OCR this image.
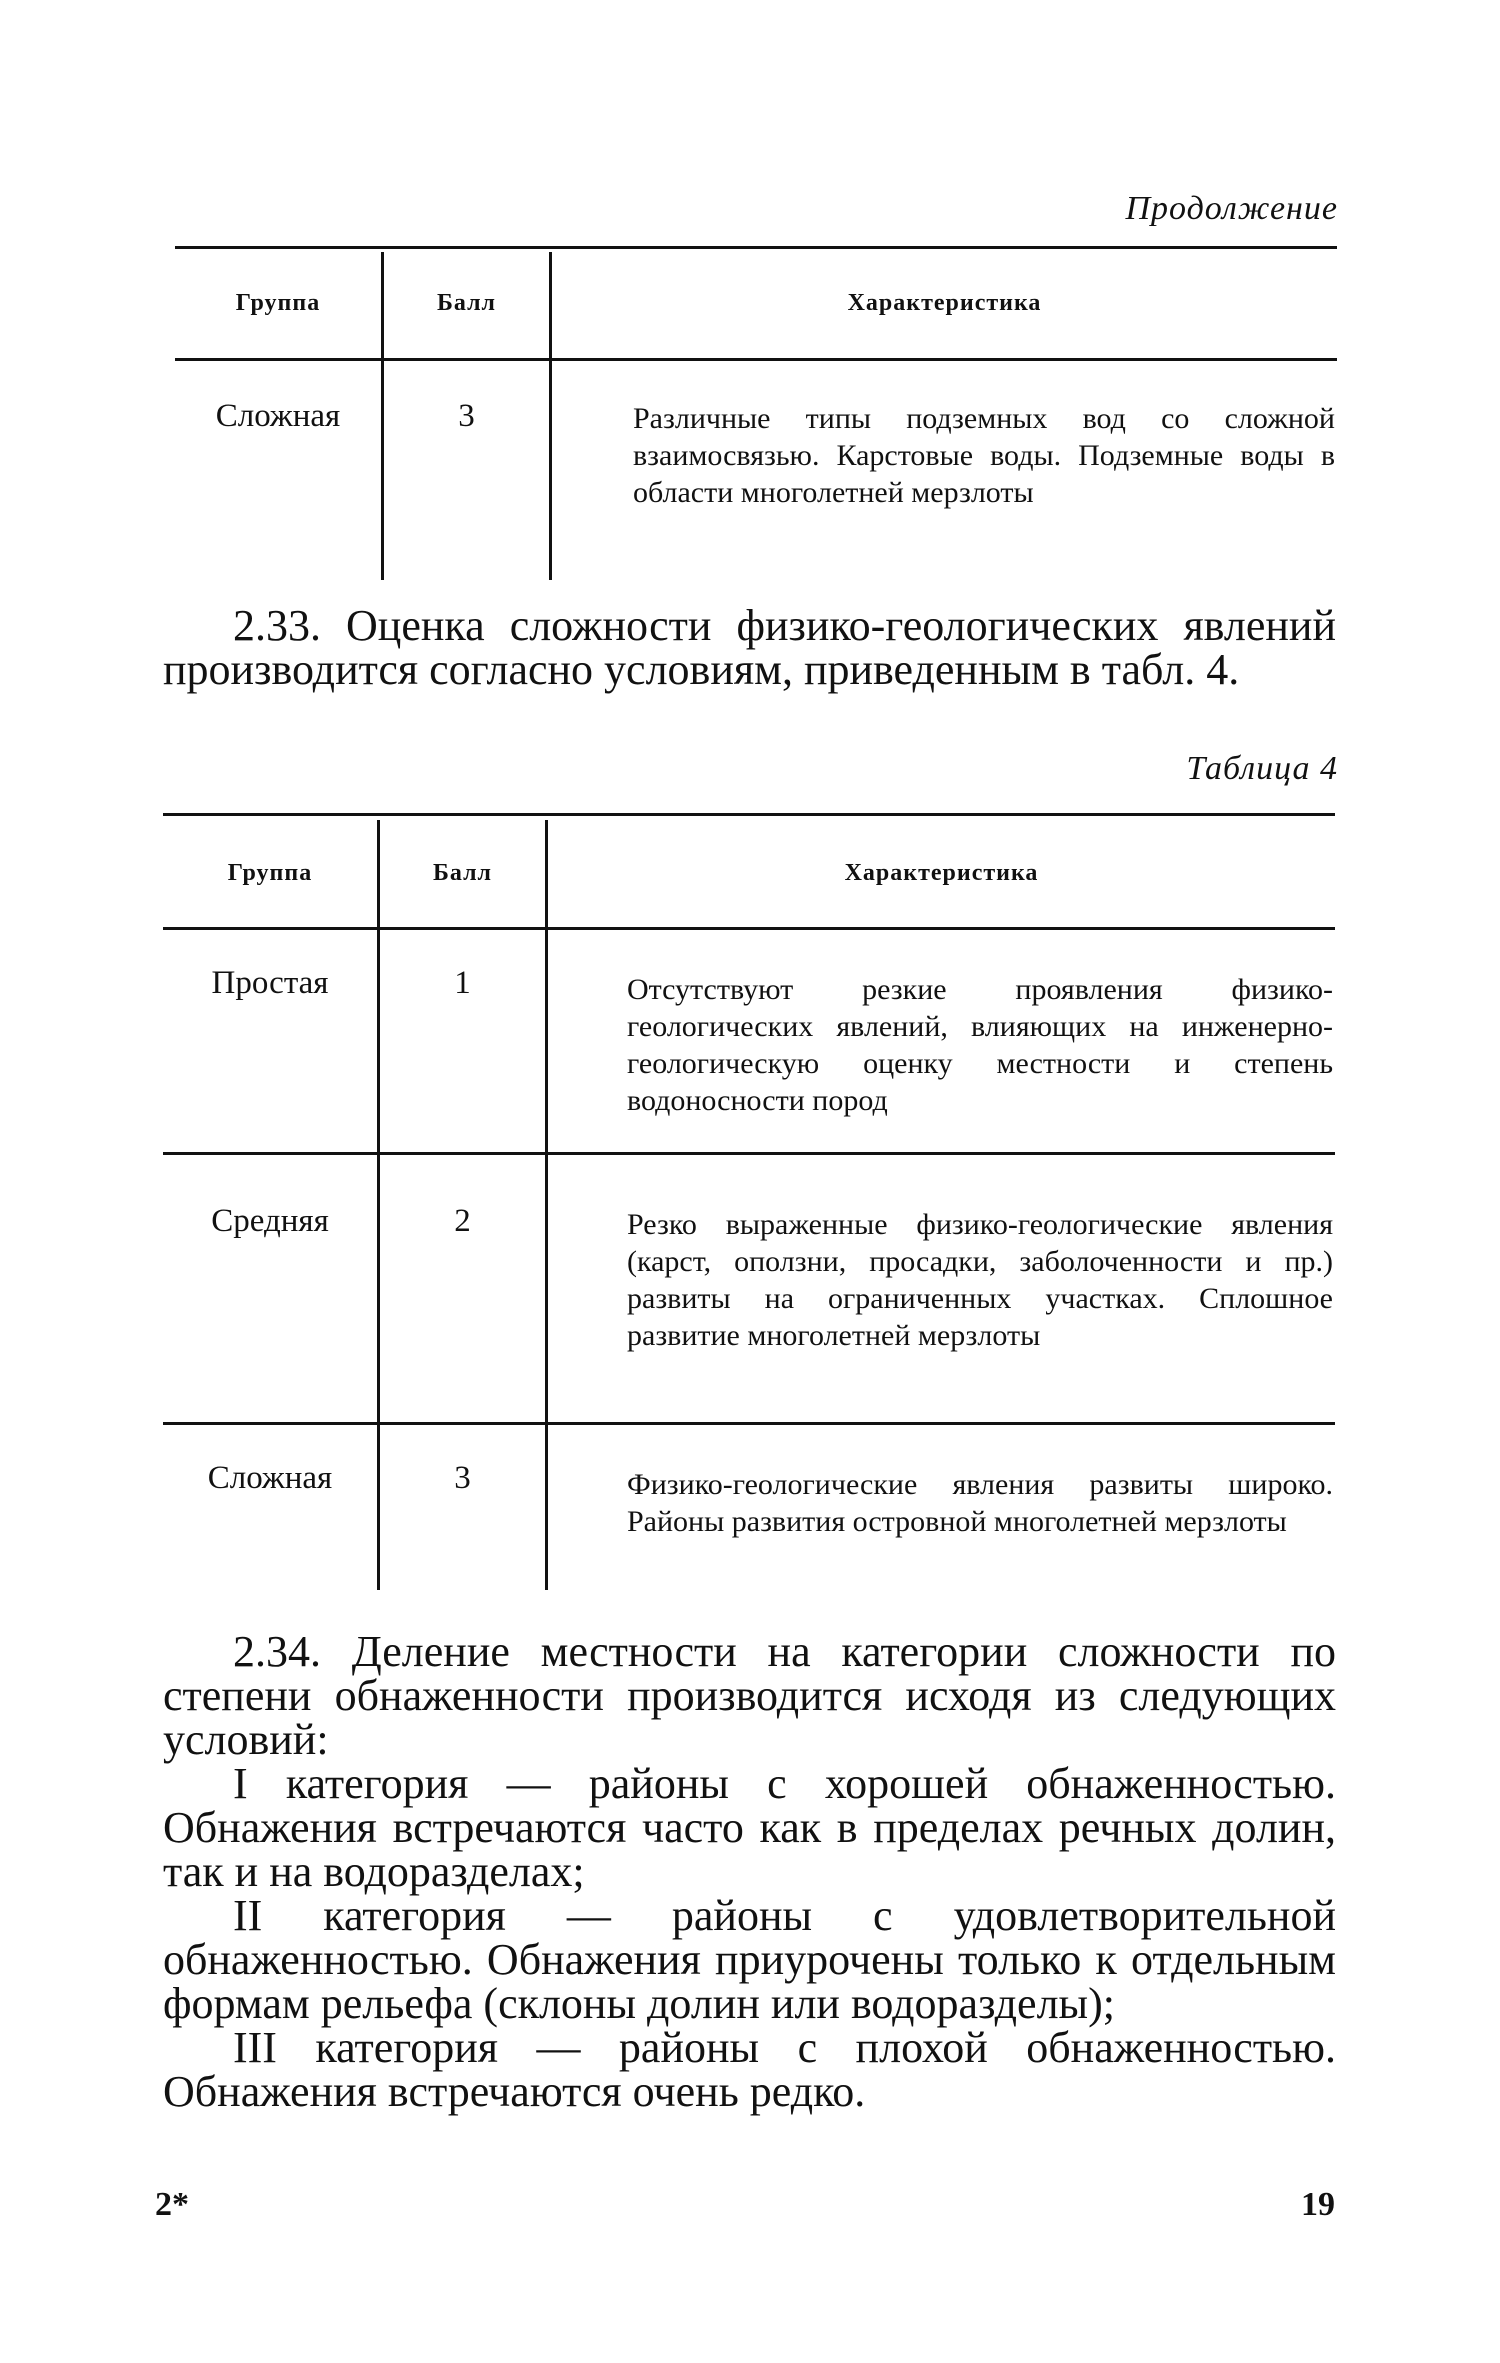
Продолжение
Группа	Балл	Характеристика
Сложная	3	Различные типы подземных вод со сложной взаимосвязью. Карстовые воды. Подземные воды в области многолетней мерзлоты
2.33. Оценка сложности физико-геологических явлений производится согласно условиям, приведенным в табл. 4.
Таблица 4
Группа	Балл	Характеристика
Простая	1	Отсутствуют резкие проявления физико-геологических явлений, влияющих на инженерно-геологическую оценку местности и степень водоносности пород
Средняя	2	Резко выраженные физико-геологические явления (карст, оползни, просадки, заболоченности и пр.) развиты на ограниченных участках. Сплошное развитие многолетней мерзлоты
Сложная	3	Физико-геологические явления развиты широко. Районы развития островной многолетней мерзлоты
2.34. Деление местности на категории сложности по степени обнаженности производится исходя из следующих условий:
I категория — районы с хорошей обнаженностью. Обнажения встречаются часто как в пределах речных долин, так и на водоразделах;
II категория — районы с удовлетворительной обнаженностью. Обнажения приурочены только к отдельным формам рельефа (склоны долин или водоразделы);
III категория — районы с плохой обнаженностью. Обнажения встречаются очень редко.
2*	19
